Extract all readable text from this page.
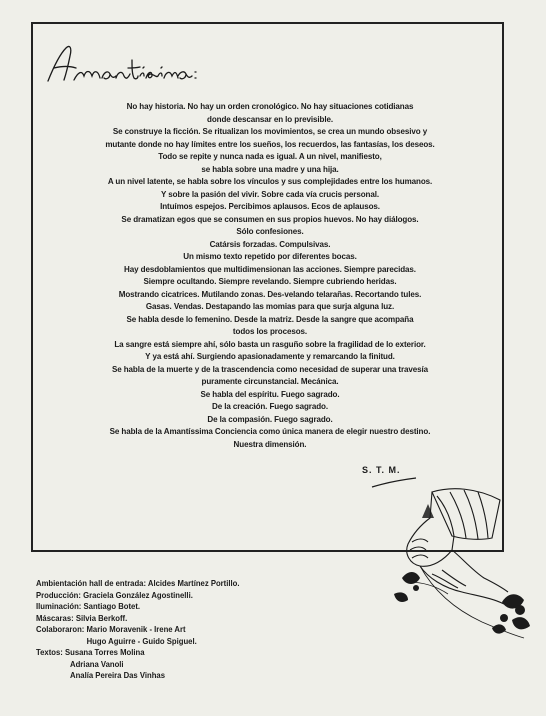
No hay historia. No hay un orden cronológico. No hay situaciones cotidianas
donde descansar en lo previsible.
Se construye la ficción. Se ritualizan los movimientos, se crea un mundo obsesivo y
mutante donde no hay límites entre los sueños, los recuerdos, las fantasías, los deseos.
Todo se repite y nunca nada es igual. A un nivel, manifiesto,
se habla sobre una madre y una hija.
A un nivel latente, se habla sobre los vínculos y sus complejidades entre los humanos.
Y sobre la pasión del vivir. Sobre cada vía crucis personal.
Intuímos espejos. Percibimos aplausos. Ecos de aplausos.
Se dramatizan egos que se consumen en sus propios huevos. No hay diálogos.
Sólo confesiones.
Catársis forzadas. Compulsivas.
Un mismo texto repetido por diferentes bocas.
Hay desdoblamientos que multidimensionan las acciones. Siempre parecidas.
Siempre ocultando. Siempre revelando. Siempre cubriendo heridas.
Mostrando cicatrices. Mutilando zonas. Des-velando telarañas. Recortando tules.
Gasas. Vendas. Destapando las momias para que surja alguna luz.
Se habla desde lo femenino. Desde la matriz. Desde la sangre que acompaña
todos los procesos.
La sangre está siempre ahí, sólo basta un rasguño sobre la fragilidad de lo exterior.
Y ya está ahí. Surgiendo apasionadamente y remarcando la finitud.
Se habla de la muerte y de la trascendencia como necesidad de superar una travesía
puramente circunstancial. Mecánica.
Se habla del espíritu. Fuego sagrado.
De la creación. Fuego sagrado.
De la compasión. Fuego sagrado.
Se habla de la Amantíssima Conciencia como única manera de elegir nuestro destino.
Nuestra dimensión.
S. T. M.
Ambientación hall de entrada: Alcides Martínez Portillo.
Producción: Graciela González Agostinelli.
Iluminación: Santiago Botet.
Máscaras: Silvia Berkoff.
Colaboraron: Mario Moravenik - Irene Art
Hugo Aguirre - Guido Spiguel.
Textos: Susana Torres Molina
Adriana Vanoli
Analía Pereira Das Vinhas
